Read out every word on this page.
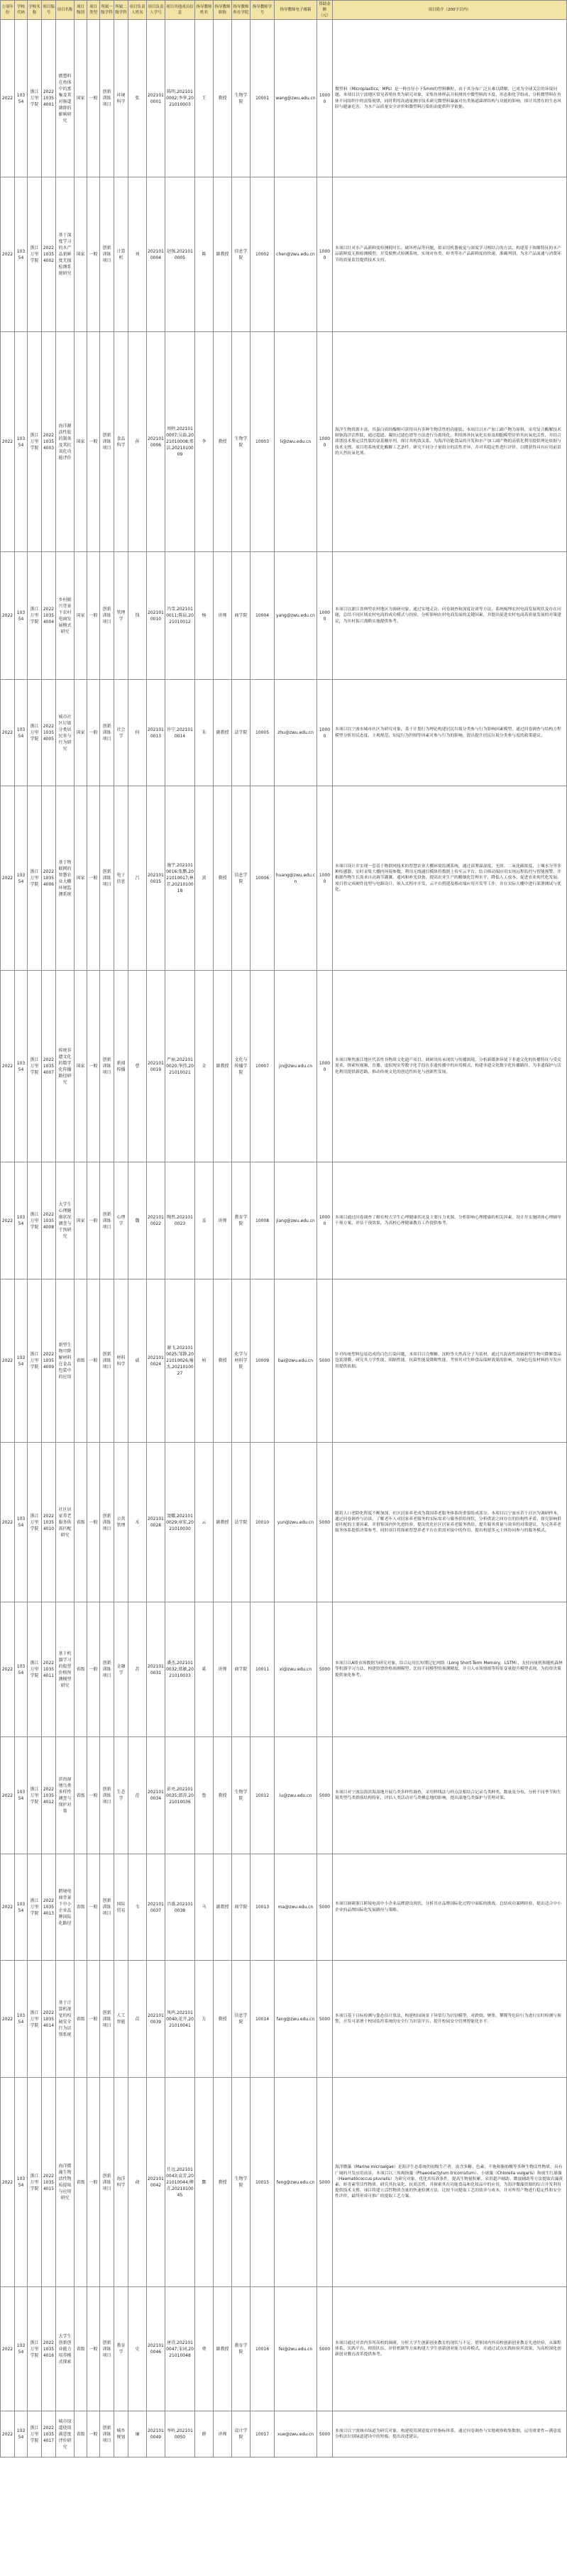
立项年份	学校代码	学校名称	项目编号	项目名称	项目级别	项目类型	所属一级学科	所属二级学科	项目负责人姓名	项目负责人学号	项目其他成员信息	指导教师姓名	指导教师职称	指导教师所在学院	指导教师学号	指导教师电子邮箱	资助金额（元）	项目简介（200字以内）
2022	10354	浙江万里学院	202210354001	微塑料在鱼体中的富集及其对肠道菌群的影响研究	国家	一般	创新训练项目	环境科学	张	2021010001	陈明,2021010002;李华,2021010003	王	教授	生物学院	10001	wang@zwu.edu.cn	10000	微塑料（Microplastics，MPs）是一种直径小于5mm的塑料颗粒，由于其分布广泛且难以降解，已成为全球关注的环境问题。本项目以宁波地区常见养殖鱼类为研究对象，采集鱼体样品并检测其中微塑料的丰度、形态和化学组成，分析微塑料在鱼体不同组织中的富集规律，同时利用高通量测序技术研究微塑料暴露对鱼类肠道菌群结构与功能的影响，探讨其潜在的生态风险与健康危害，为水产品质量安全评价和微塑料污染防治提供科学依据。
2022	10354	浙江万里学院	202210354002	基于深度学习的水产品新鲜度无损检测系统研究	国家	一般	创新训练项目	计算机	刘	2021010004	赵强,2021010005	陈	副教授	信息学院	10002	chen@zwu.edu.cn	10000	本项目针对水产品新鲜度检测耗时长、破坏样品等问题，拟采用机器视觉与深度学习相结合的方法，构建基于图像特征的水产品新鲜度无损检测模型，开发便携式检测系统，实现对鱼类、虾类等水产品新鲜度的快速、准确判别，为水产品流通与消费环节的质量监管提供技术支持。
2022	10354	浙江万里学院	202210354003	海洋源活性肽的制备及其抗氧化功能评价	国家	一般	创新训练项目	食品科学	孙	2021010006	周婷,2021010007;吴磊,2021010008;郑洁,2021010009	李	教授	生物学院	10003	li@zwu.edu.cn	10000	海洋生物资源丰富，其蛋白质经酶解可获得具有多种生物活性的功能肽。本项目以水产加工副产物为原料，采用复合酶解技术制备海洋活性肽，通过超滤、凝胶过滤色谱等方法进行分离纯化，利用体外抗氧化实验及细胞模型评价其抗氧化活性，并结合质谱技术鉴定活性肽的氨基酸序列，探讨其构效关系，为海洋功能食品的开发和水产加工副产物的高值化利用提供理论依据与技术支撑。项目将系统优化酶解工艺条件，研究不同分子量组分的活性差异，并对其稳定性进行评价，以期获得具有应用前景的天然抗氧化剂。
2022	10354	浙江万里学院	202210354004	乡村振兴背景下农村电商发展模式研究	国家	一般	创新训练项目	管理学	钱	2021010010	冯雪,2021010011;陈晨,2021010012	杨	讲师	商学院	10004	yang@zwu.edu.cn	10000	本项目以浙江省典型农村地区为调研对象，通过实地走访、问卷调查和深度访谈等方法，系统梳理农村电商发展现状及存在问题，总结不同区域农村电商的成功模式与经验，分析影响农村电商发展的关键因素，并提出促进农村电商高质量发展的对策建议，为乡村振兴战略实施提供参考。
2022	10354	浙江万里学院	202210354005	城市社区垃圾分类居民参与行为研究	国家	一般	创新训练项目	社会学	何	2021010013	许宁,2021010014	朱	副教授	法学院	10005	zhu@zwu.edu.cn	10000	本项目以宁波市城市社区为研究对象，基于计划行为理论构建居民垃圾分类参与行为影响因素模型，通过问卷调查与结构方程模型分析居民态度、主观规范、知觉行为控制等因素对参与行为的影响，提出提升居民垃圾分类参与度的政策建议。
2022	10354	浙江万里学院	202210354006	基于物联网的智慧农业大棚环境监测系统	国家	一般	创新训练项目	电子信息	吕	2021010015	施宇,2021010016;张鹏,2021010017;林芳,2021010018	黄	教授	信息学院	10006	huang@zwu.edu.cn	10000	本项目设计并实现一套基于物联网技术的智慧农业大棚环境监测系统，通过部署温湿度、光照、二氧化碳浓度、土壤水分等多种传感器，实时采集大棚内环境参数，利用无线通信模块将数据上传至云平台，结合移动端应用实现远程监控与智能预警，并根据作物生长需求自动调节灌溉、通风和补光设备，提高农业生产的精细化管理水平，降低人工成本，促进农业现代化发展。项目将完成硬件选型与电路设计、嵌入式程序开发、云平台搭建及移动端应用开发等工作，并在实际大棚中进行部署测试与优化。
2022	10354	浙江万里学院	202210354007	传统非遗文化的数字化传播路径研究	国家	一般	创新训练项目	新闻传播	曹	2021010019	严丽,2021010020;华伟,2021010021	金	副教授	文化与传播学院	10007	jin@zwu.edu.cn	10000	本项目聚焦浙江地区代表性非物质文化遗产项目，调研其传承现状与传播困境，分析新媒体环境下非遗文化的传播特征与受众需求，探索短视频、直播、虚拟现实等数字化手段在非遗传播中的应用模式，构建非遗文化数字化传播路径，为非遗保护与活化利用提供新思路，推动传统文化的创造性转化与创新性发展。
2022	10354	浙江万里学院	202210354008	大学生心理健康状况调查与干预研究	国家	一般	创新训练项目	心理学	魏	2021010022	陶然,2021010023	姜	讲师	教育学院	10008	jiang@zwu.edu.cn	10000	本项目通过问卷调查了解在校大学生心理健康状况及主要压力来源，分析影响心理健康的相关因素，设计并实施团体心理辅导干预方案，评估干预效果，为高校心理健康教育工作提供参考。
2022	10354	浙江万里学院	202210354009	新型生物可降解材料在食品包装中的应用	省级	一般	创新训练项目	材料科学	戚	2021010024	谢飞,2021010025;邹静,2021010026;喻杰,2021010027	柏	教授	化学与材料学院	10009	bai@zwu.edu.cn	5000	针对传统塑料包装造成的白色污染问题，本项目以壳聚糖、淀粉等天然高分子为基材，通过共混改性制备新型生物可降解食品包装薄膜，研究其力学性能、阻隔性能、抗菌性能及降解性能，考察其对生鲜食品保鲜效果的影响，为绿色包装材料的开发应用提供依据。
2022	10354	浙江万里学院	202210354010	社区居家养老服务供需匹配研究	省级	一般	创新训练项目	公共管理	水	2021010028	窦娜,2021010029;章宏,2021010030	云	副教授	法学院	10010	yun@zwu.edu.cn	5000	随着人口老龄化程度不断加深，社区居家养老成为我国养老服务体系的重要组成部分。本项目以宁波市若干社区为调研样本，通过问卷调查与访谈，了解老年人对居家养老服务的实际需求与服务供给现状，分析供需之间存在的结构性矛盾，探究影响供需匹配的主要因素，并借鉴国内外先进经验，提出优化社区居家养老服务供给、提升服务质量与效率的对策建议，为完善养老服务体系提供决策参考。同时项目将探索智慧养老平台在供需对接中的作用，提出构建多元主体协同参与的服务模式。
2022	10354	浙江万里学院	202210354011	基于机器学习的股票价格预测模型研究	省级	一般	创新训练项目	金融学	苏	2021010031	潘杰,2021010032;葛敏,2021010033	奚	讲师	商学院	10011	xi@zwu.edu.cn	5000	本项目以A股市场数据为研究对象，综合运用长短期记忆网络（Long Short-Term Memory，LSTM）、支持向量机和随机森林等机器学习方法，构建股票价格预测模型，比较不同模型的预测精度，并引入市场情绪等特征变量提升模型表现，为投资决策提供量化参考。
2022	10354	浙江万里学院	202210354012	滨海湿地鸟类多样性调查与保护对策	省级	一般	创新训练项目	生态学	范	2021010034	彭亮,2021010035;郎涛,2021010036	鲁	教授	生物学院	10012	lu@zwu.edu.cn	5000	本项目对宁波沿海滨海湿地开展鸟类多样性调查，采用样线法与样点法相结合记录鸟类种类、数量及分布，分析不同季节和生境类型鸟类群落结构特征，评估人类活动对鸟类栖息地的影响，提出湿地鸟类保护与管理对策。
2022	10354	浙江万里学院	202210354013	跨境电商背景下中小企业品牌国际化路径	省级	一般	创新训练项目	国际贸易	韦	2021010037	昌盛,2021010038	马	副教授	商学院	10013	ma@zwu.edu.cn	5000	本项目调研浙江跨境电商中小企业品牌建设现状，分析其在品牌国际化过程中面临的挑战，总结成功案例经验，提出适合中小企业的品牌国际化发展路径与策略。
2022	10354	浙江万里学院	202210354014	基于计算机视觉的校园安全行为识别系统	省级	一般	创新训练项目	人工智能	苗	2021010039	凤鸣,2021010040;花开,2021010041	方	教授	信息学院	10014	fang@zwu.edu.cn	5000	本项目基于目标检测与姿态估计算法，构建校园场景下异常行为识别模型，对跌倒、聚集、攀爬等危险行为进行实时检测与预警，开发可部署于校园监控系统的安全行为识别平台，提升校园安全管理智能化水平。
2022	10354	浙江万里学院	202210354015	海洋微藻生物活性物质提取与应用研究	省级	一般	创新训练项目	海洋科学	俞	2021010042	任远,2021010043;袁芳,2021010044;柳青,2021010045	酆	教授	生物学院	10015	feng@zwu.edu.cn	5000	海洋微藻（Marine microalgae）是海洋生态系统的初级生产者，富含多糖、色素、不饱和脂肪酸等多种生物活性物质，具有广阔的开发应用前景。本项目以三角褐指藻（Phaeodactylum tricornutum）、小球藻（Chlorella vulgaris）和雨生红球藻（Haematococcus pluvialis）为研究对象，优化其培养条件，提高生物量积累，采用超声辅助、微波辅助等方法提取岩藻黄素、虾青素等活性物质，研究其抗氧化、抗炎活性，并探索其在功能食品和化妆品中的应用，为海洋微藻资源的综合开发利用提供技术支撑。项目将建立活性物质含量的快速检测方法，比较不同提取工艺的效率与成本，并对所得产物进行稳定性和安全性评价，最终形成可推广的提取工艺方案。
2022	10354	浙江万里学院	202210354016	大学生创新创业能力培养模式探索	省级	一般	创新训练项目	教育学	史	2021010046	唐诗,2021010047;宋词,2021010048	费	副教授	教育学院	10016	fei@zwu.edu.cn	5000	本项目通过对省内多所高校的调研，分析大学生创新创业教育的现状与不足，借鉴国内外高校创新创业教育先进经验，从课程体系、实践平台、师资队伍、评价机制等方面构建大学生创新创业能力培养模式，并通过试点实践检验其效果，为高校深化创新创业教育改革提供参考。
2022	10354	浙江万里学院	202210354017	城市绿道使用满意度评价研究	省级	一般	创新训练项目	城乡规划	廉	2021010049	岑岭,2021010050	薛	讲师	设计学院	10017	xue@zwu.edu.cn	5000	本项目以宁波城市绿道为研究对象，构建使用满意度评价指标体系，通过问卷调查与实地观察收集数据，运用重要性—满意度分析法识别绿道建设中的短板，提出改进建议。
